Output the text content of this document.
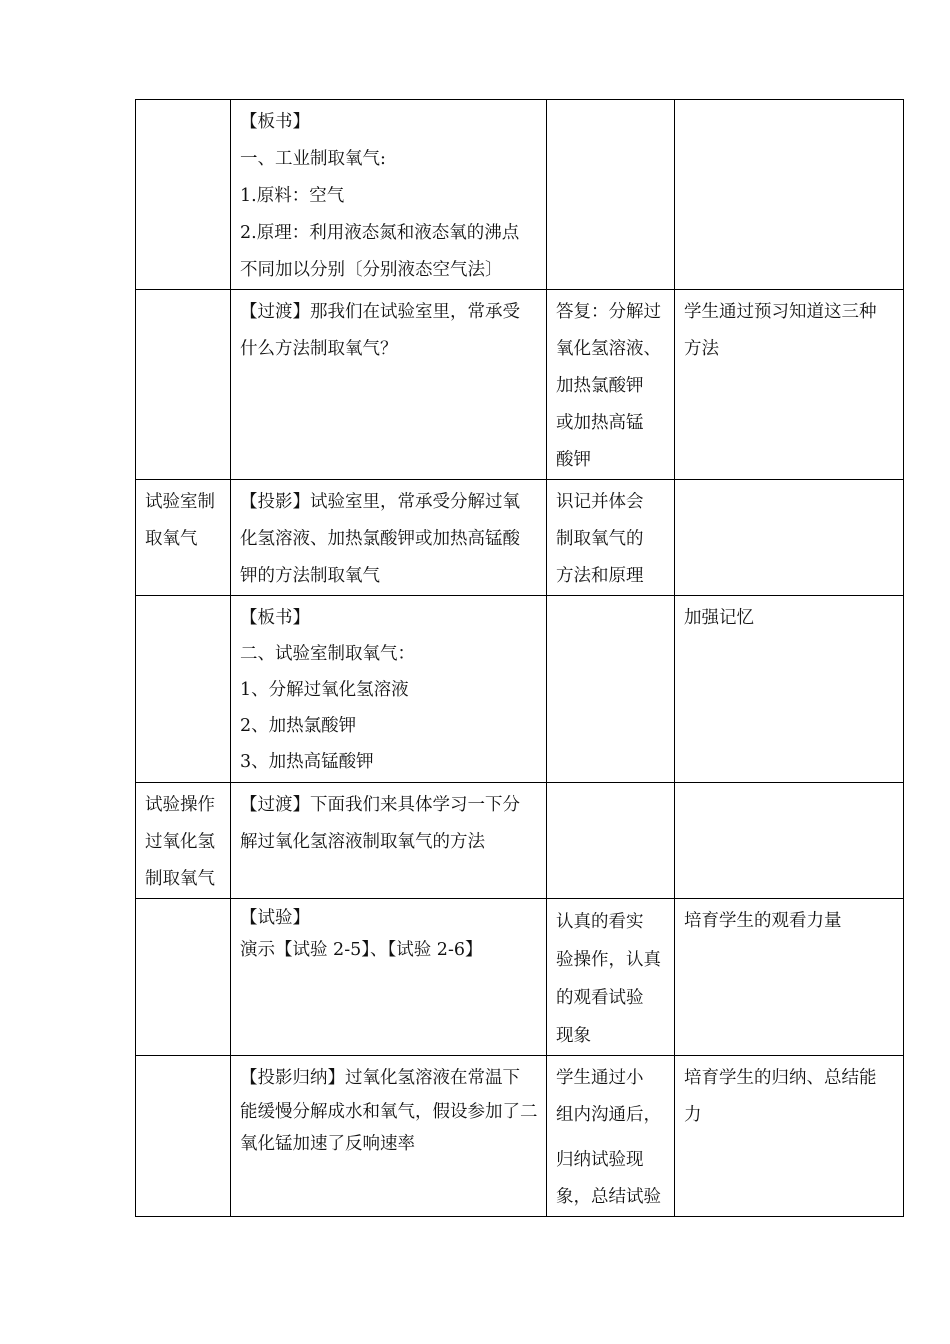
	【板书】
一、工业制取氧气:
1.原料：空气
2.原理：利用液态氮和液态氧的沸点
不同加以分别〔分别液态空气法〕		

	【过渡】那我们在试验室里，常承受
什么方法制取氧气？	答复：分解过
氧化氢溶液、
加热氯酸钾
或加热高锰
酸钾	学生通过预习知道这三种
方法

试验室制
取氧气	【投影】试验室里，常承受分解过氧
化氢溶液、加热氯酸钾或加热高锰酸
钾的方法制取氧气	识记并体会
制取氧气的
方法和原理	

	【板书】
二、试验室制取氧气：
1、分解过氧化氢溶液
2、加热氯酸钾
3、加热高锰酸钾		加强记忆

试验操作
过氧化氢
制取氧气	【过渡】下面我们来具体学习一下分
解过氧化氢溶液制取氧气的方法		

	【试验】
演示【试验 2-5】、【试验 2-6】	认真的看实
验操作，认真
的观看试验
现象	培育学生的观看力量

	【投影归纳】过氧化氢溶液在常温下
能缓慢分解成水和氧气，假设参加了二
氧化锰加速了反响速率	学生通过小
组内沟通后，
归纳试验现
象，总结试验	培育学生的归纳、总结能
力
